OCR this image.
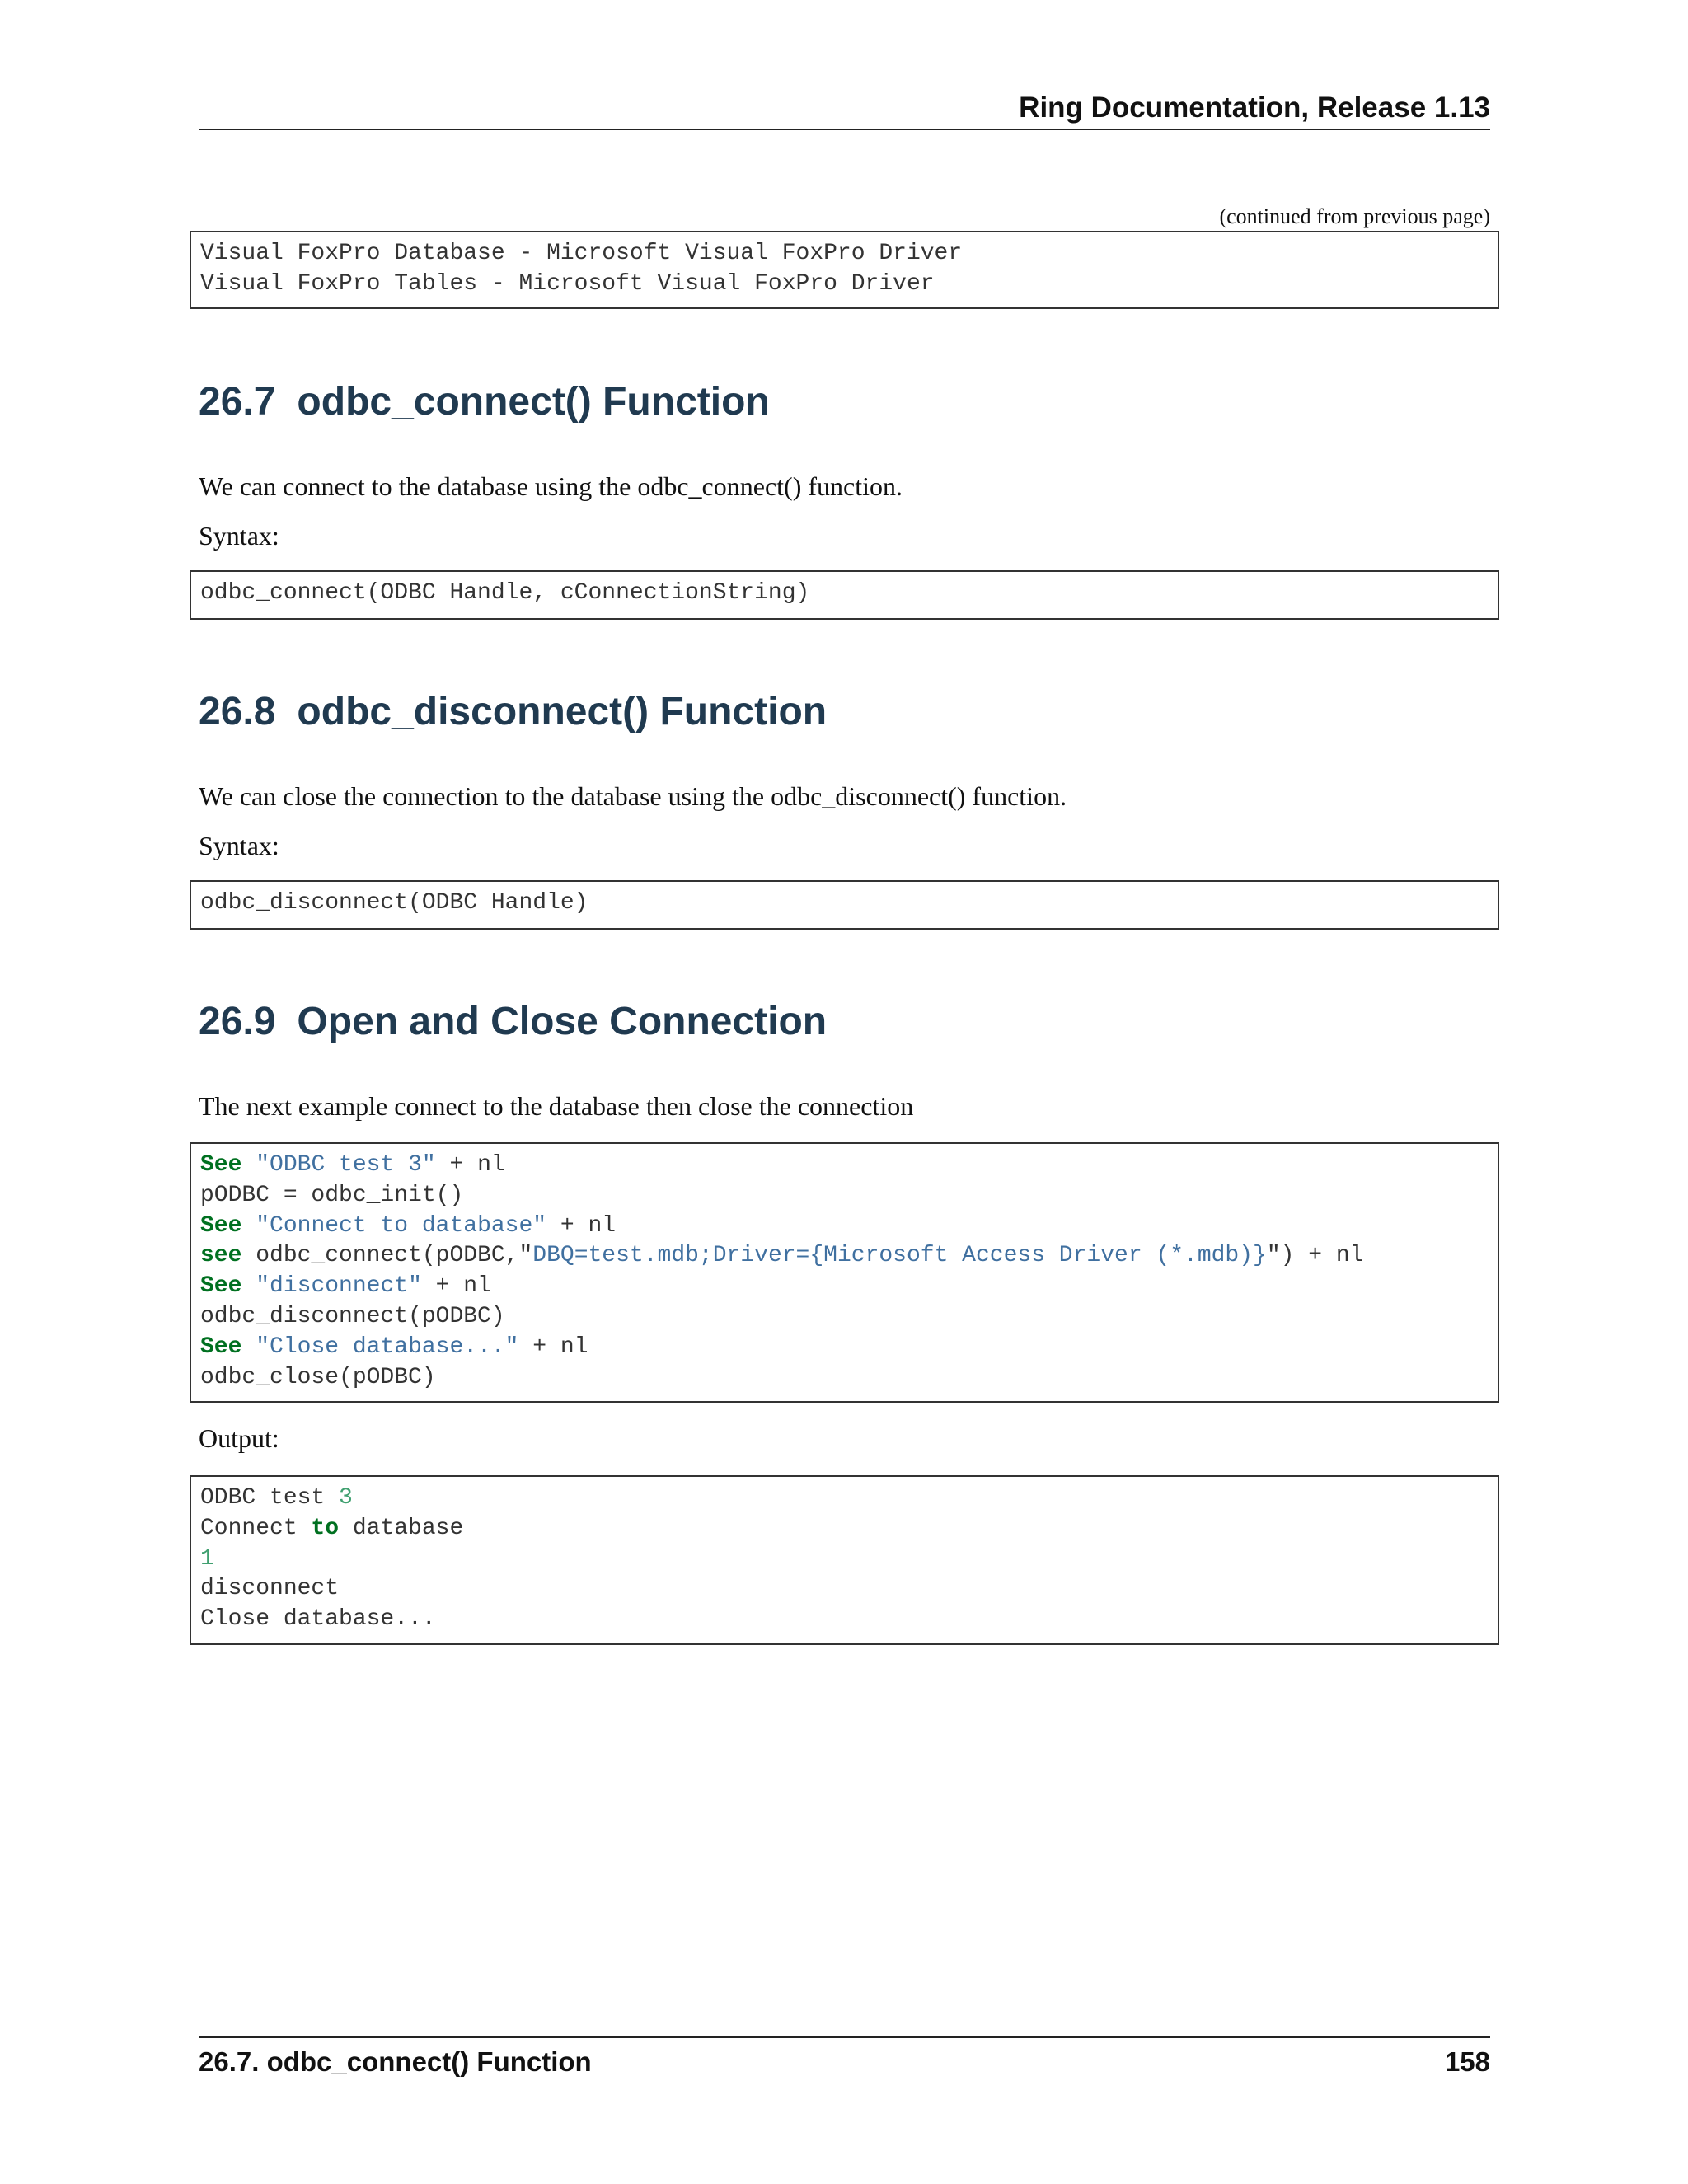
Ring Documentation, Release 1.13
(continued from previous page)
Visual FoxPro Database - Microsoft Visual FoxPro Driver
Visual FoxPro Tables - Microsoft Visual FoxPro Driver
26.7 odbc_connect() Function

We can connect to the database using the odbc_connect() function.

Syntax:

odbc_connect(ODBC Handle, cConnectionString)
26.8 odbc_disconnect() Function

We can close the connection to the database using the odbc_disconnect() function.

Syntax:

odbc_disconnect(ODBC Handle)
26.9 Open and Close Connection

The next example connect to the database then close the connection

See "ODBC test 3" + nl
pODBC = odbc_init()
See "Connect to database" + nl
see odbc_connect(pODBC,"DBQ=test.mdb;Driver={Microsoft Access Driver (*.mdb)}") + nl
See "disconnect" + nl
odbc_disconnect(pODBC)
See "Close database..." + nl
odbc_close(pODBC)

Output:

ODBC test 3
Connect to database
1
disconnect
Close database...
26.7. odbc_connect() Function	158
